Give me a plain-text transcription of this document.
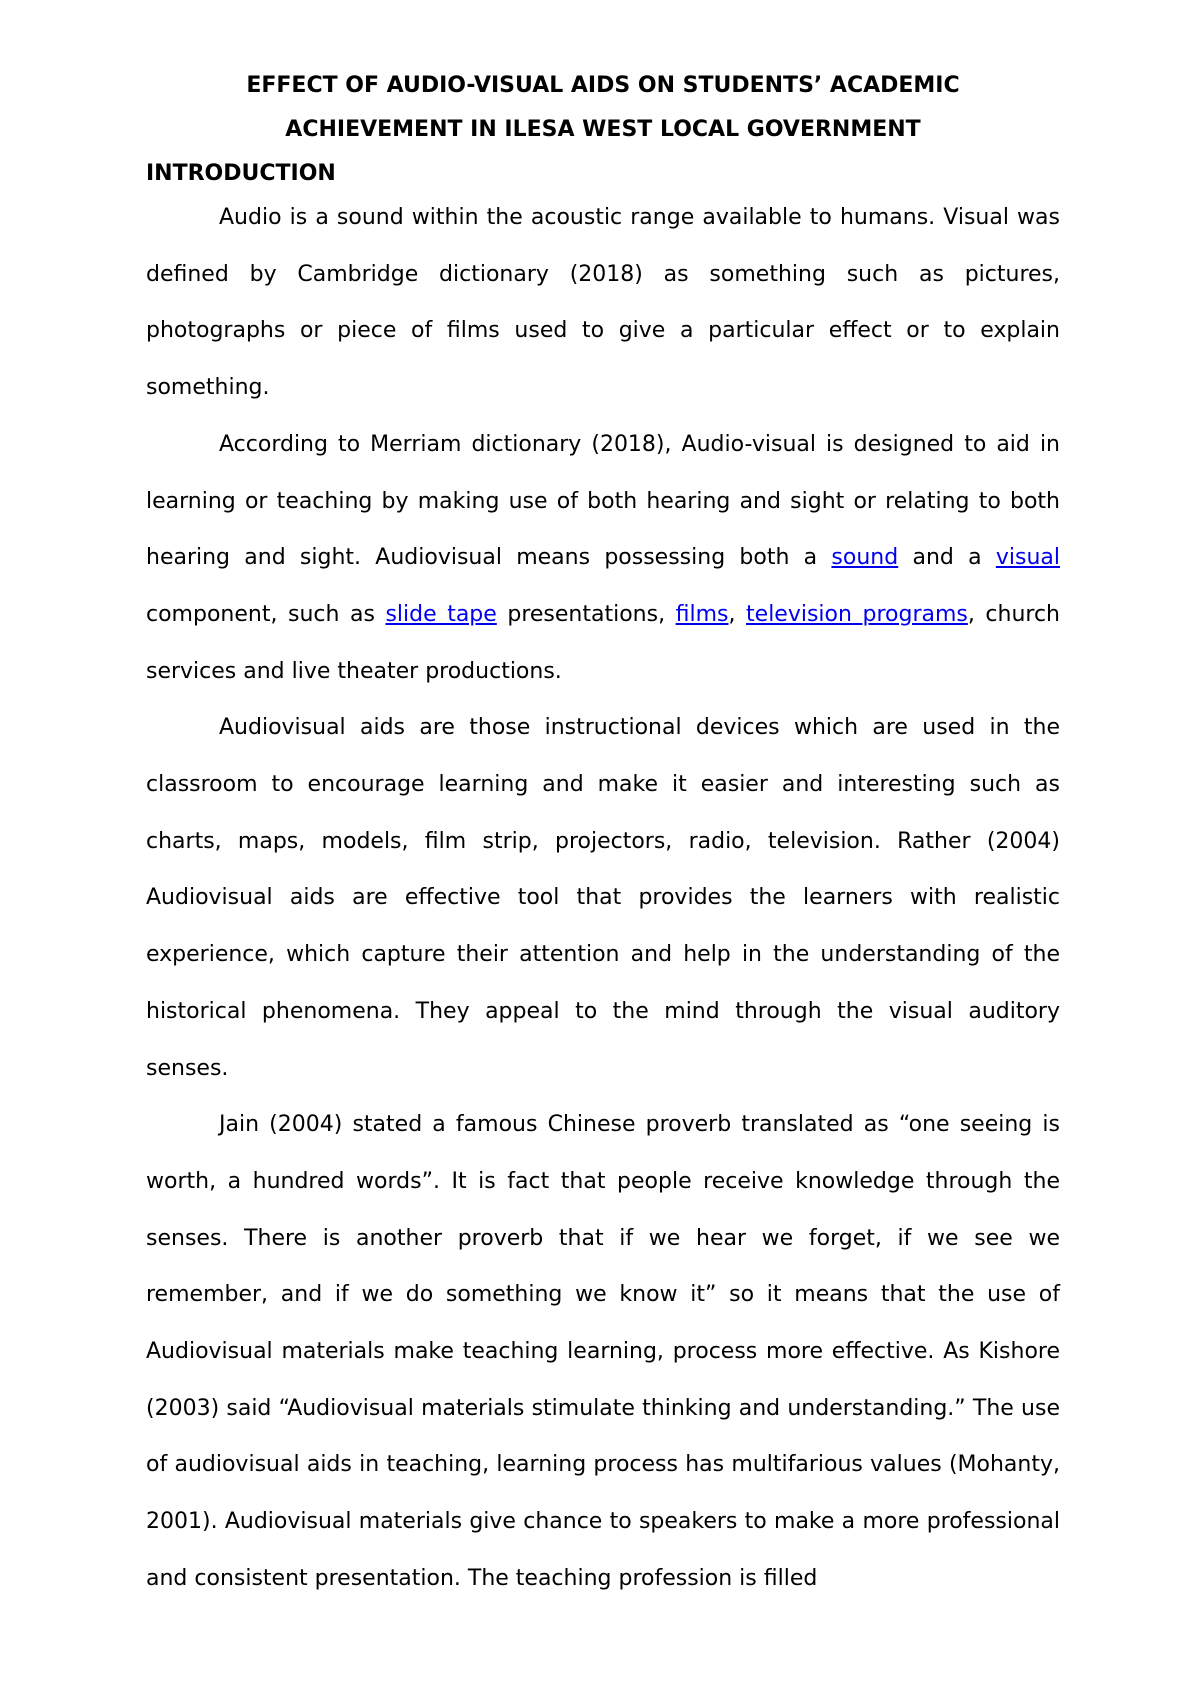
EFFECT OF AUDIO-VISUAL AIDS ON STUDENTS’ ACADEMIC
ACHIEVEMENT IN ILESA WEST LOCAL GOVERNMENT
INTRODUCTION

Audio is a sound within the acoustic range available to humans. Visual was defined by Cambridge dictionary (2018) as something such as pictures, photographs or piece of films used to give a particular effect or to explain something.

According to Merriam dictionary (2018), Audio-visual is designed to aid in learning or teaching by making use of both hearing and sight or relating to both hearing and sight. Audiovisual means possessing both a sound and a visual component, such as slide tape presentations, films, television programs, church services and live theater productions.

Audiovisual aids are those instructional devices which are used in the classroom to encourage learning and make it easier and interesting such as charts, maps, models, film strip, projectors, radio, television. Rather (2004) Audiovisual aids are effective tool that provides the learners with realistic experience, which capture their attention and help in the understanding of the historical phenomena. They appeal to the mind through the visual auditory senses.

Jain (2004) stated a famous Chinese proverb translated as “one seeing is worth, a hundred words”. It is fact that people receive knowledge through the senses. There is another proverb that if we hear we forget, if we see we remember, and if we do something we know it” so it means that the use of Audiovisual materials make teaching learning, process more effective. As Kishore (2003) said “Audiovisual materials stimulate thinking and understanding.” The use of audiovisual aids in teaching, learning process has multifarious values (Mohanty, 2001). Audiovisual materials give chance to speakers to make a more professional and consistent presentation. The teaching profession is filled
